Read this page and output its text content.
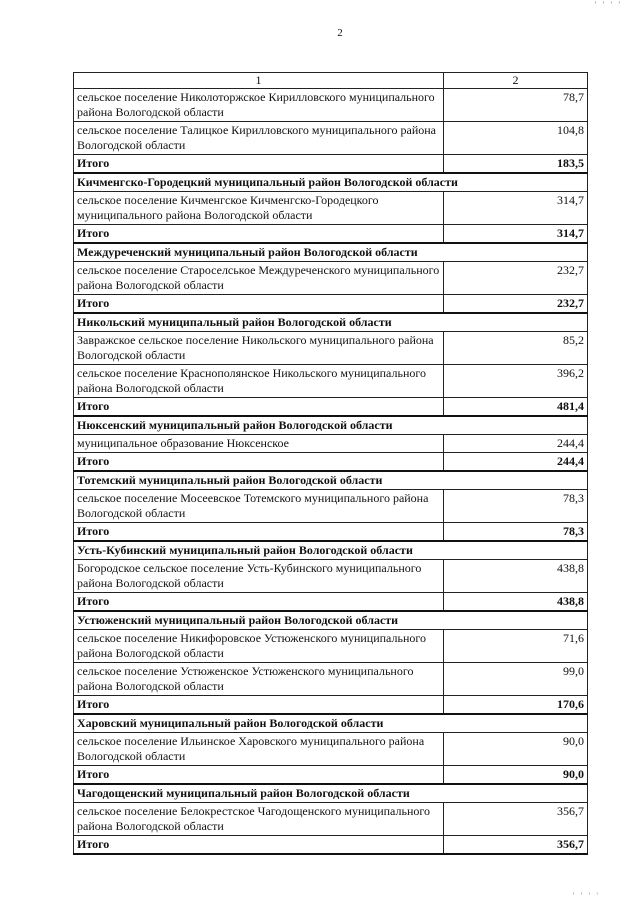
' ' ' '
2
1	2
сельское поселение Николоторжское Кирилловского муниципального района Вологодской области	78,7
сельское поселение Талицкое Кирилловского муниципального района Вологодской области	104,8
Итого	183,5
Кичменгско-Городецкий муниципальный район Вологодской области	
сельское поселение Кичменгское Кичменгско-Городецкого муниципального района Вологодской области	314,7
Итого	314,7
Междуреченский муниципальный район Вологодской области	
сельское поселение Староселськое Междуреченского муниципального района Вологодской области	232,7
Итого	232,7
Никольский муниципальный район Вологодской области	
Завражское сельское поселение Никольского муниципального района Вологодской области	85,2
сельское поселение Краснополянское Никольского муниципального района Вологодской области	396,2
Итого	481,4
Нюксенский муниципальный район Вологодской области	
муниципальное образование Нюксенское	244,4
Итого	244,4
Тотемский муниципальный район Вологодской области	
сельское поселение Мосеевское Тотемского муниципального района Вологодской области	78,3
Итого	78,3
Усть-Кубинский муниципальный район Вологодской области	
Богородское сельское поселение Усть-Кубинского муниципального района Вологодской области	438,8
Итого	438,8
Устюженский муниципальный район Вологодской области	
сельское поселение Никифоровское Устюженского муниципального района Вологодской области	71,6
сельское поселение Устюженское Устюженского муниципального района Вологодской области	99,0
Итого	170,6
Харовский муниципальный район Вологодской области	
сельское поселение Ильинское Харовского муниципального района Вологодской области	90,0
Итого	90,0
Чагодощенский муниципальный район Вологодской области	
сельское поселение Белокрестское Чагодощенского муниципального района Вологодской области	356,7
Итого	356,7
' ' ' '
